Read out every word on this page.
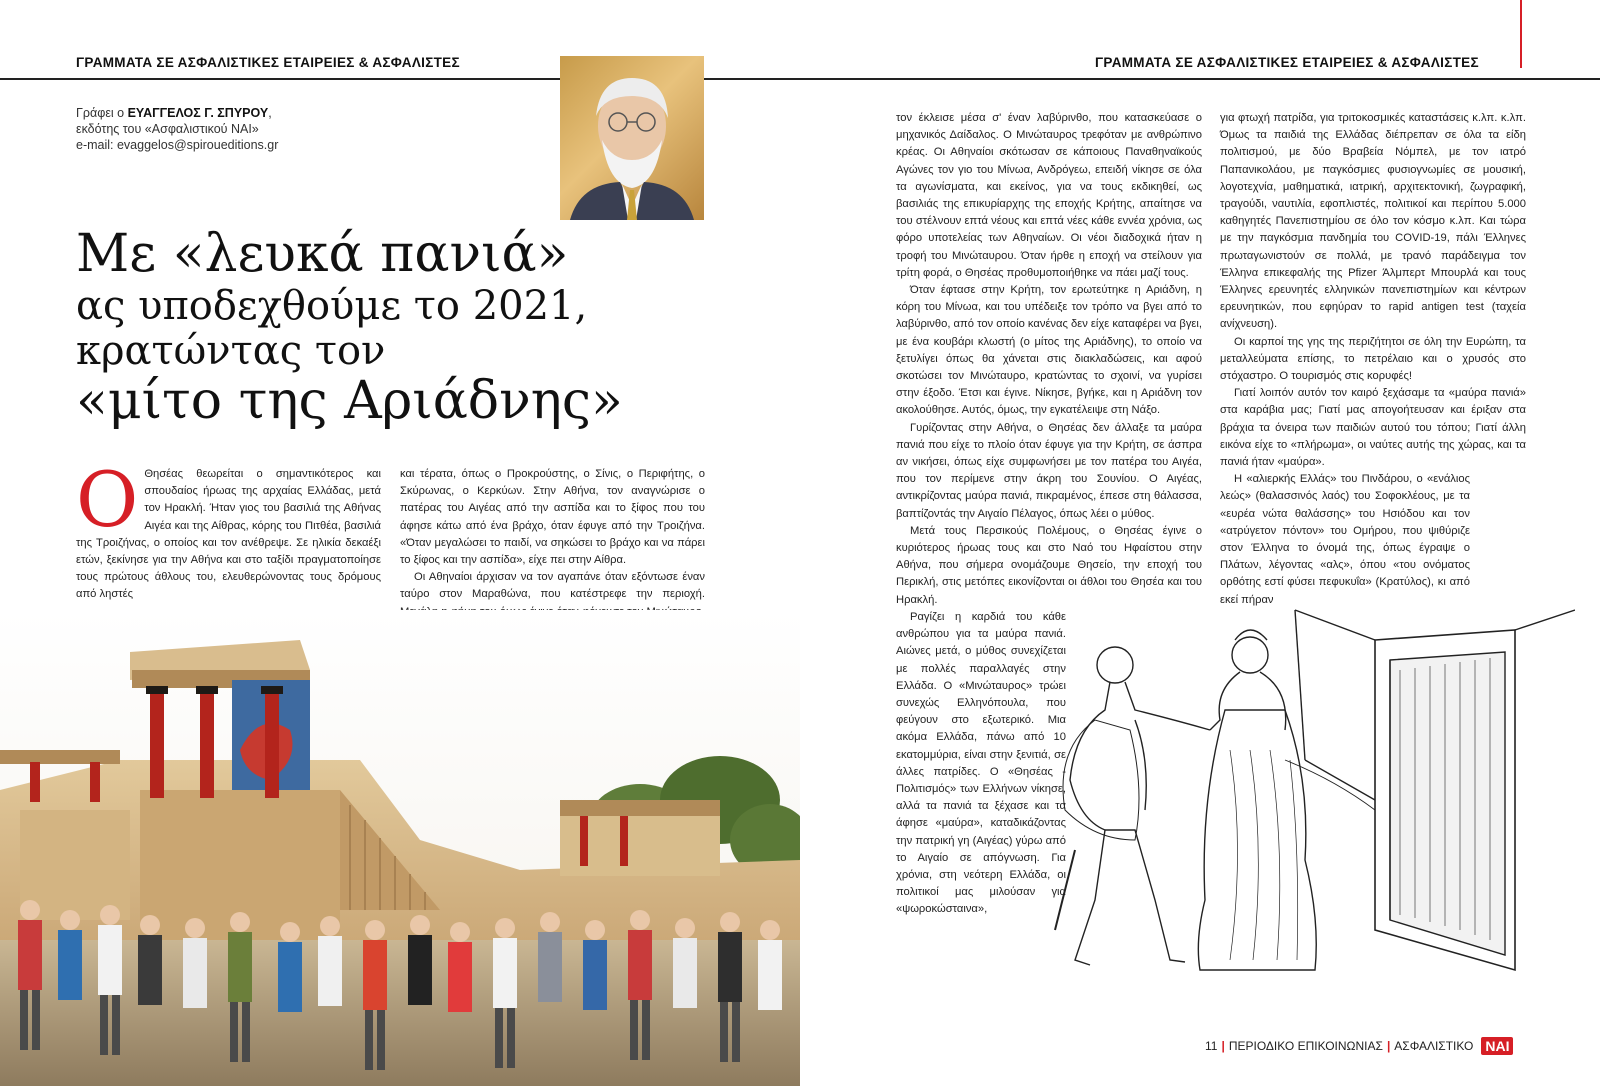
ΓΡΑΜΜΑΤΑ ΣΕ ΑΣΦΑΛΙΣΤΙΚΕΣ ΕΤΑΙΡΕΙΕΣ & ΑΣΦΑΛΙΣΤΕΣ	ΓΡΑΜΜΑΤΑ ΣΕ ΑΣΦΑΛΙΣΤΙΚΕΣ ΕΤΑΙΡΕΙΕΣ & ΑΣΦΑΛΙΣΤΕΣ
Γράφει ο ΕΥΑΓΓΕΛΟΣ Γ. ΣΠΥΡΟΥ,
εκδότης του «Ασφαλιστικού ΝΑΙ»
e-mail: evaggelos@spiroueditions.gr
Με «λευκά πανιά»
ας υποδεχθούμε το 2021,
κρατώντας τον
«μίτο της Αριάδνης»
Ο Θησέας θεωρείται ο σημαντικότερος και σπουδαίος ήρωας της αρχαίας Ελλάδας, μετά τον Ηρακλή. Ήταν γιος του βασιλιά της Αθήνας Αιγέα και της Αίθρας, κόρης του Πιτθέα, βασιλιά της Τροιζήνας, ο οποίος και τον ανέθρεψε. Σε ηλικία δεκαέξι ετών, ξεκίνησε για την Αθήνα και στο ταξίδι πραγματοποίησε τους πρώτους άθλους του, ελευθερώνοντας τους δρόμους από ληστές

και τέρατα, όπως ο Προκρούστης, ο Σίνις, ο Περιφήτης, ο Σκύρωνας, ο Κερκύων. Στην Αθήνα, τον αναγνώρισε ο πατέρας του Αιγέας από την ασπίδα και το ξίφος που του άφησε κάτω από ένα βράχο, όταν έφυγε από την Τροιζήνα. «Όταν μεγαλώσει το παιδί, να σηκώσει το βράχο και να πάρει το ξίφος και την ασπίδα», είχε πει στην Αίθρα.

Οι Αθηναίοι άρχισαν να τον αγαπάνε όταν εξόντωσε έναν ταύρο στον Μαραθώνα, που κατέστρεφε την περιοχή.

τον έκλεισε μέσα σ' έναν λαβύρινθο, που κατασκεύασε ο μηχανικός Δαίδαλος. Ο Μινώταυρος τρεφόταν με ανθρώπινο κρέας. Οι Αθηναίοι σκότωσαν σε κάποιους Παναθηναϊκούς Αγώνες τον γιο του Μίνωα, Ανδρόγεω, επειδή νίκησε σε όλα τα αγωνίσματα, και εκείνος, για να τους εκδικηθεί, ως βασιλιάς της επικυρίαρχης της εποχής Κρήτης, απαίτησε να του στέλνουν επτά νέους και επτά νέες κάθε εννέα χρόνια, ως φόρο υποτελείας των Αθηναίων. Οι νέοι διαδοχικά ήταν η τροφή του Μινώταυρου. Όταν ήρθε η εποχή να στείλουν για τρίτη φορά, ο Θησέας προθυμοποιήθηκε να πάει μαζί τους.

Όταν έφτασε στην Κρήτη, τον ερωτεύτηκε η Αριάδνη, η κόρη του Μίνωα, και του υπέδειξε τον τρόπο να βγει από το λαβύρινθο, από τον οποίο κανένας δεν είχε καταφέρει να βγει, με ένα κουβάρι κλωστή (ο μίτος της Αριάδνης), το οποίο να ξετυλίγει όπως θα χάνεται στις διακλαδώσεις, και αφού σκοτώσει τον Μινώταυρο, κρατώντας το σχοινί, να γυρίσει στην έξοδο. Έτσι και έγινε. Νίκησε, βγήκε, και η Αριάδνη τον ακολούθησε. Αυτός, όμως, την εγκατέλειψε στη Νάξο.

Γυρίζοντας στην Αθήνα, ο Θησέας δεν άλλαξε τα μαύρα πανιά που είχε το πλοίο όταν έφυγε για την Κρήτη, σε άσπρα αν νικήσει, όπως είχε συμφωνήσει με τον πατέρα του Αιγέα, που τον περίμενε στην άκρη του Σουνίου. Ο Αιγέας, αντικρίζοντας μαύρα πανιά, πικραμένος, έπεσε στη θάλασσα, βαπτίζοντάς την Αιγαίο Πέλαγος, όπως λέει ο μύθος.

Μετά τους Περσικούς Πολέμους, ο Θησέας έγινε ο κυριότερος ήρωας τους και στο Ναό του Ηφαίστου στην Αθήνα, που σήμερα ονομάζουμε Θησείο, την εποχή του Περικλή, στις μετόπες εικονίζονται οι άθλοι του Θησέα και του Ηρακλή.

Ραγίζει η καρδιά του κάθε ανθρώπου για τα μαύρα πανιά. Αιώνες μετά, ο μύθος συνεχίζεται με πολλές παραλλαγές στην Ελλάδα. Ο «Μινώταυρος» τρώει συνεχώς Ελληνόπουλα, που φεύγουν στο εξωτερικό. Μια ακόμα Ελλάδα, πάνω από 10 εκατομμύρια, είναι στην ξενιτιά, σε άλλες πατρίδες. Ο «Θησέας - Πολιτισμός» των Ελλήνων νίκησε, αλλά τα πανιά τα ξέχασε και τα άφησε «μαύρα», καταδικάζοντας την πατρική γη (Αιγέας) γύρω από το Αιγαίο σε απόγνωση. Για χρόνια, στη νεότερη Ελλάδα, οι πολιτικοί μας μιλούσαν για «ψωροκώσταινα»,

για φτωχή πατρίδα, για τριτοκοσμικές καταστάσεις κ.λπ. κ.λπ. Όμως τα παιδιά της Ελλάδας διέπρεπαν σε όλα τα είδη πολιτισμού, με δύο Βραβεία Νόμπελ, με τον ιατρό Παπανικολάου, με παγκόσμιες φυσιογνωμίες σε μουσική, λογοτεχνία, μαθηματικά, ιατρική, αρχιτεκτονική, ζωγραφική, τραγούδι, ναυτιλία, εφοπλιστές, πολιτικοί και περίπου 5.000 καθηγητές Πανεπιστημίου σε όλο τον κόσμο κ.λπ. Και τώρα με την παγκόσμια πανδημία του COVID-19, πάλι Έλληνες πρωταγωνιστούν σε πολλά, με τρανό παράδειγμα τον Έλληνα επικεφαλής της Pfizer Άλμπερτ Μπουρλά και τους Έλληνες ερευνητές ελληνικών πανεπιστημίων και κέντρων ερευνητικών, που εφηύραν το rapid antigen test (ταχεία ανίχνευση).

Οι καρποί της γης της περιζήτητοι σε όλη την Ευρώπη, τα μεταλλεύματα επίσης, το πετρέλαιο και ο χρυσός στο στόχαστρο. Ο τουρισμός στις κορυφές!

Γιατί λοιπόν αυτόν τον καιρό ξεχάσαμε τα «μαύρα πανιά» στα καράβια μας; Γιατί μας απογοήτευσαν και έριξαν στα βράχια τα όνειρα των παιδιών αυτού του τόπου; Γιατί άλλη εικόνα είχε το «πλήρωμα», οι ναύτες αυτής της χώρας, και τα πανιά ήταν «μαύρα».

Η «αλιερκής Ελλάς» του Πινδάρου, ο «ενάλιος λεώς» (θαλασσινός λαός) του Σοφοκλέους, με τα «ευρέα νώτα θαλάσσης» του Ησιόδου και τον «ατρύγετον πόντον» του Ομήρου, που ψιθύριζε στον Έλληνα το όνομά της, όπως έγραψε ο Πλάτων, λέγοντας «αλς», όπου «του ονόματος ορθότης εστί φύσει πεφυκυΐα» (Κρατύλος), κι από εκεί πήραν

11 | ΠΕΡΙΟΔΙΚΟ ΕΠΙΚΟΙΝΩΝΙΑΣ | ΑΣΦΑΛΙΣΤΙΚΟ ΝΑΙ
